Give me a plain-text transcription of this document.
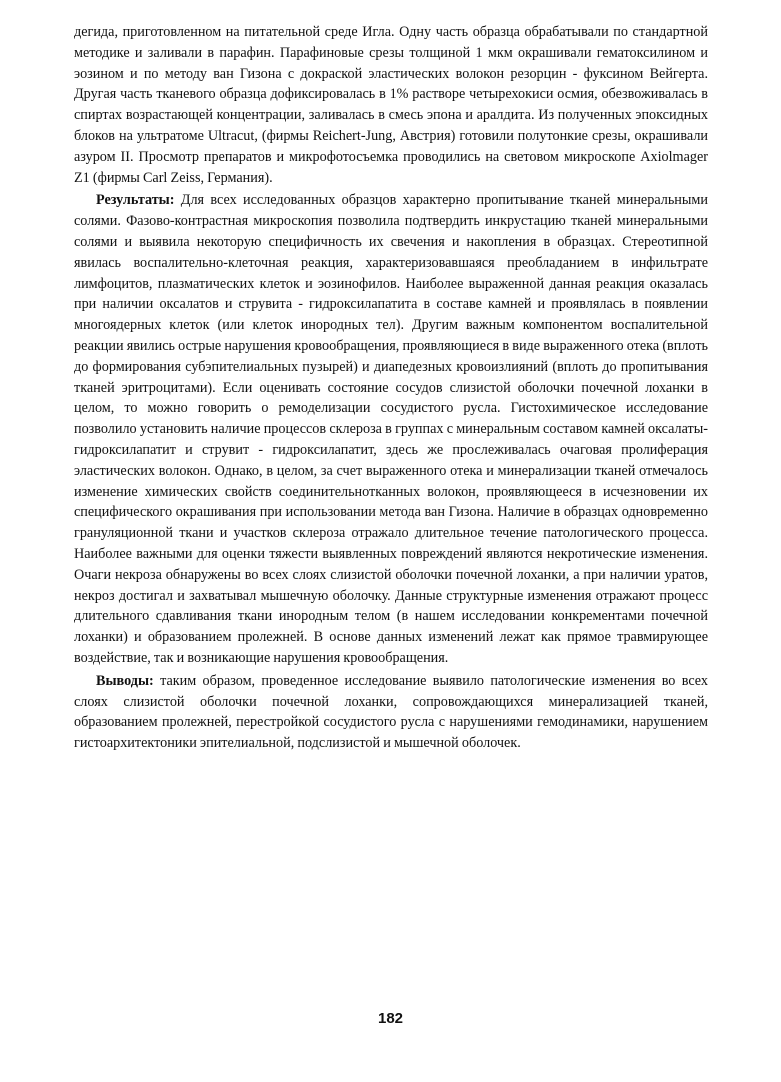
дегида, приготовленном на питательной среде Игла. Одну часть образца обрабатывали по стандартной методике и заливали в парафин. Парафиновые срезы толщиной 1 мкм окрашивали гематоксилином и эозином и по методу ван Гизона с докраской эластических волокон резорцин - фуксином Вейгерта. Другая часть тканевого образца дофиксировалась в 1% растворе четырехокиси осмия, обезвоживалась в спиртах возрастающей концентрации, заливалась в смесь эпона и аралдита. Из полученных эпоксидных блоков на ультратоме Ultracut, (фирмы Reichert-Jung, Австрия) готовили полутонкие срезы, окрашивали азуром II. Просмотр препаратов и микрофотосъемка проводились на световом микроскопе Axiolmager Z1 (фирмы Carl Zeiss, Германия).

Результаты: Для всех исследованных образцов характерно пропитывание тканей минеральными солями. Фазово-контрастная микроскопия позволила подтвердить инкрустацию тканей минеральными солями и выявила некоторую специфичность их свечения и накопления в образцах. Стереотипной явилась воспалительно-клеточная реакция, характеризовавшаяся преобладанием в инфильтрате лимфоцитов, плазматических клеток и эозинофилов. Наиболее выраженной данная реакция оказалась при наличии оксалатов и струвита - гидроксилапатита в составе камней и проявлялась в появлении многоядерных клеток (или клеток инородных тел). Другим важным компонентом воспалительной реакции явились острые нарушения кровообращения, проявляющиеся в виде выраженного отека (вплоть до формирования субэпителиальных пузырей) и диапедезных кровоизлияний (вплоть до пропитывания тканей эритроцитами). Если оценивать состояние сосудов слизистой оболочки почечной лоханки в целом, то можно говорить о ремоделизации сосудистого русла. Гистохимическое исследование позволило установить наличие процессов склероза в группах с минеральным составом камней оксалаты- гидроксилапатит и струвит - гидроксилапатит, здесь же прослеживалась очаговая пролиферация эластических волокон. Однако, в целом, за счет выраженного отека и минерализации тканей отмечалось изменение химических свойств соединительнотканных волокон, проявляющееся в исчезновении их специфического окрашивания при использовании метода ван Гизона. Наличие в образцах одновременно грануляционной ткани и участков склероза отражало длительное течение патологического процесса. Наиболее важными для оценки тяжести выявленных повреждений являются некротические изменения. Очаги некроза обнаружены во всех слоях слизистой оболочки почечной лоханки, а при наличии уратов, некроз достигал и захватывал мышечную оболочку. Данные структурные изменения отражают процесс длительного сдавливания ткани инородным телом (в нашем исследовании конкрементами почечной лоханки) и образованием пролежней. В основе данных изменений лежат как прямое травмирующее воздействие, так и возникающие нарушения кровообращения.

Выводы: таким образом, проведенное исследование выявило патологические изменения во всех слоях слизистой оболочки почечной лоханки, сопровождающихся минерализацией тканей, образованием пролежней, перестройкой сосудистого русла с нарушениями гемодинамики, нарушением гистоархитектоники эпителиальной, подслизистой и мышечной оболочек.

182
